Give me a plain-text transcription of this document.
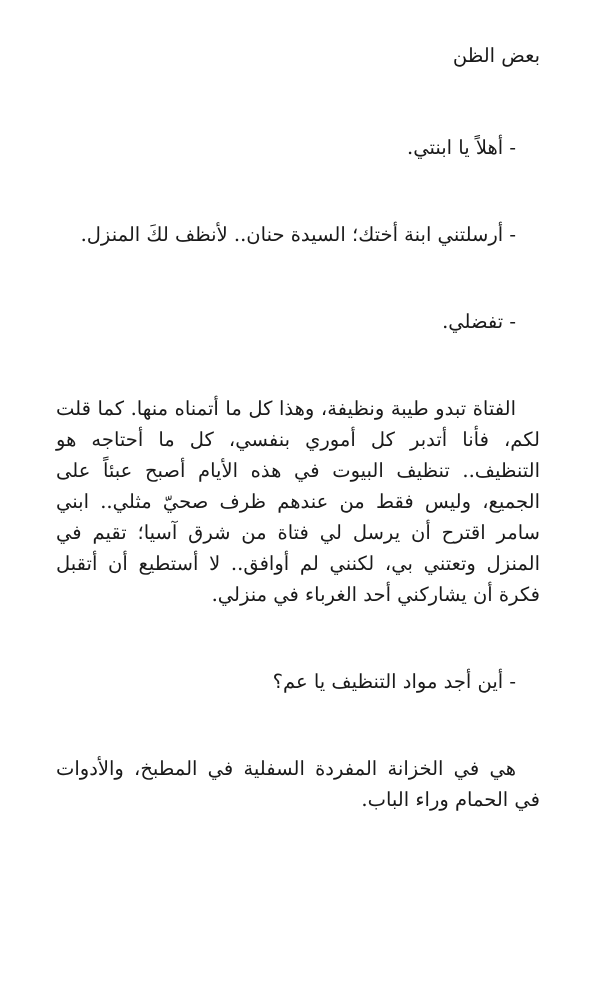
بعض الظن

- أهلاً يا ابنتي.

- أرسلتني ابنة أختك؛ السيدة حنان.. لأنظف لكَ المنزل.

- تفضلي.

الفتاة تبدو طيبة ونظيفة، وهذا كل ما أتمناه منها. كما قلت لكم، فأنا أتدبر كل أموري بنفسي، كل ما أحتاجه هو التنظيف.. تنظيف البيوت في هذه الأيام أصبح عبئاً على الجميع، وليس فقط من عندهم ظرف صحيّ مثلي.. ابني سامر اقترح أن يرسل لي فتاة من شرق آسيا؛ تقيم في المنزل وتعتني بي، لكنني لم أوافق.. لا أستطيع أن أتقبل فكرة أن يشاركني أحد الغرباء في منزلي.

- أين أجد مواد التنظيف يا عم؟

هي في الخزانة المفردة السفلية في المطبخ، والأدوات في الحمام وراء الباب.
